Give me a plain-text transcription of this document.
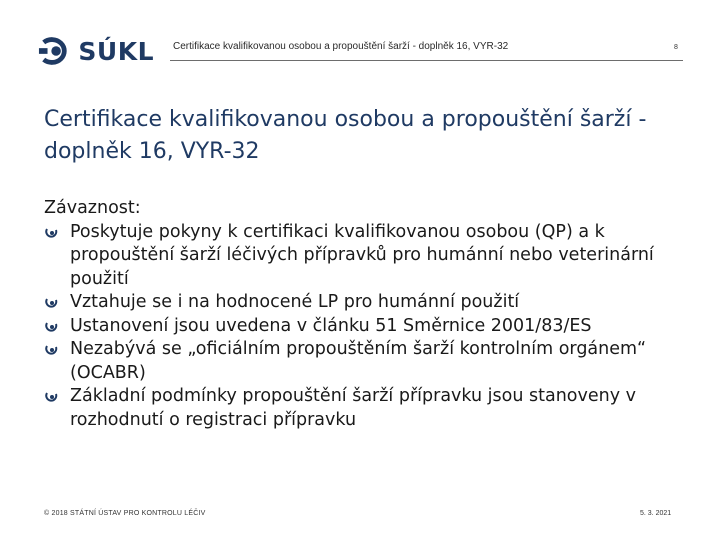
SÚKL Certifikace kvalifikovanou osobou a propouštění šarží - doplněk 16, VYR-32	8
Certifikace kvalifikovanou osobou a propouštění šarží - doplněk 16, VYR-32

Závaznost:

Poskytuje pokyny k certifikaci kvalifikovanou osobou (QP) a k propouštění šarží léčivých přípravků pro humánní nebo veterinární použití
Vztahuje se i na hodnocené LP pro humánní použití
Ustanovení jsou uvedena v článku 51 Směrnice 2001/83/ES
Nezabývá se „oficiálním propouštěním šarží kontrolním orgánem“ (OCABR)
Základní podmínky propouštění šarží přípravku jsou stanoveny v rozhodnutí o registraci přípravku
© 2018 STÁTNÍ ÚSTAV PRO KONTROLU LÉČIV	5. 3. 2021
